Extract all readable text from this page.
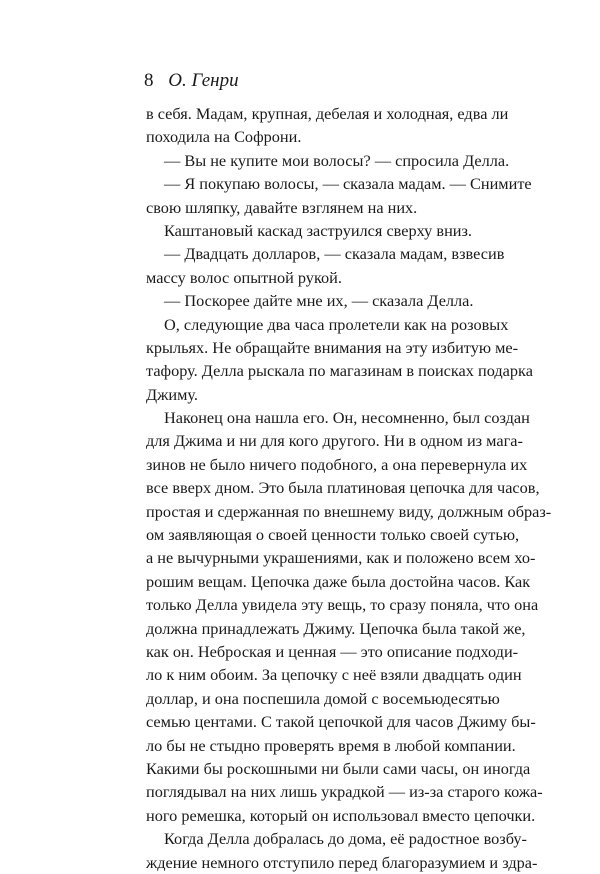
8 О. Генри
в себя. Мадам, крупная, дебелая и холодная, едва ли
походила на Софрони.
— Вы не купите мои волосы? — спросила Делла.
— Я покупаю волосы, — сказала мадам. — Снимите
свою шляпку, давайте взглянем на них.
Каштановый каскад заструился сверху вниз.
— Двадцать долларов, — сказала мадам, взвесив
массу волос опытной рукой.
— Поскорее дайте мне их, — сказала Делла.
О, следующие два часа пролетели как на розовых
крыльях. Не обращайте внимания на эту избитую ме-
тафору. Делла рыскала по магазинам в поисках подарка
Джиму.
Наконец она нашла его. Он, несомненно, был создан
для Джима и ни для кого другого. Ни в одном из мага-
зинов не было ничего подобного, а она перевернула их
все вверх дном. Это была платиновая цепочка для часов,
простая и сдержанная по внешнему виду, должным образ-
ом заявляющая о своей ценности только своей сутью,
а не вычурными украшениями, как и положено всем хо-
рошим вещам. Цепочка даже была достойна часов. Как
только Делла увидела эту вещь, то сразу поняла, что она
должна принадлежать Джиму. Цепочка была такой же,
как он. Неброская и ценная — это описание подходи-
ло к ним обоим. За цепочку с неё взяли двадцать один
доллар, и она поспешила домой с восемьюдесятью
семью центами. С такой цепочкой для часов Джиму бы-
ло бы не стыдно проверять время в любой компании.
Какими бы роскошными ни были сами часы, он иногда
поглядывал на них лишь украдкой — из-за старого кожа-
ного ремешка, который он использовал вместо цепочки.
Когда Делла добралась до дома, её радостное возбу-
ждение немного отступило перед благоразумием и здра-
